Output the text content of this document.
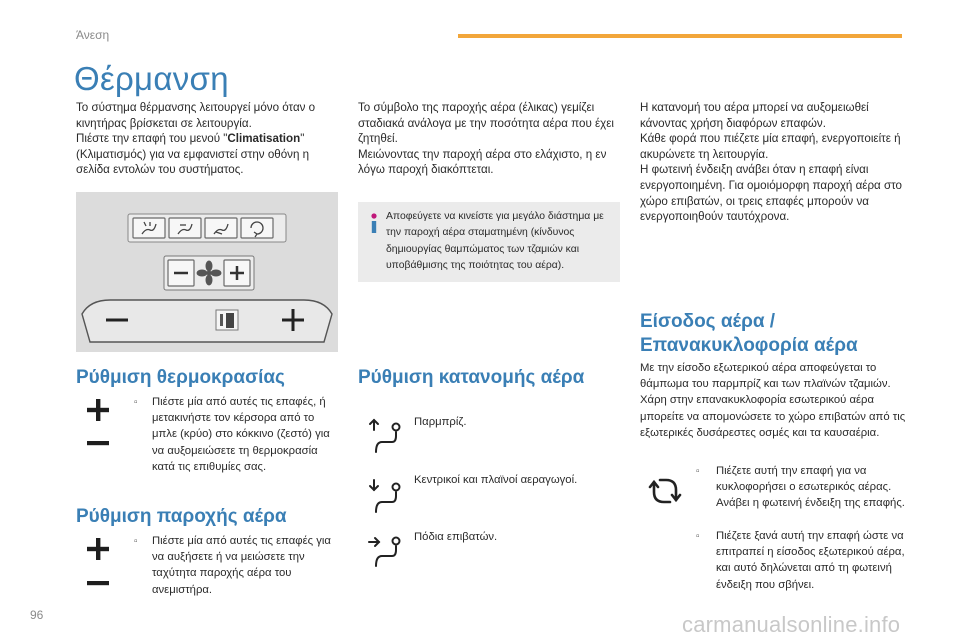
Άνεση
Θέρμανση
Το σύστημα θέρμανσης λειτουργεί μόνο όταν ο κινητήρας βρίσκεται σε λειτουργία.
Πιέστε την επαφή του μενού "Climatisation" (Κλιματισμός) για να εμφανιστεί στην οθόνη η σελίδα εντολών του συστήματος.
Το σύμβολο της παροχής αέρα (έλικας) γεμίζει σταδιακά ανάλογα με την ποσότητα αέρα που έχει ζητηθεί.
Μειώνοντας την παροχή αέρα στο ελάχιστο, η εν λόγω παροχή διακόπτεται.
Αποφεύγετε να κινείστε για μεγάλο διάστημα με την παροχή αέρα σταματημένη (κίνδυνος δημιουργίας θαμπώματος των τζαμιών και υποβάθμισης της ποιότητας του αέρα).
Η κατανομή του αέρα μπορεί να αυξομειωθεί κάνοντας χρήση διαφόρων επαφών.
Κάθε φορά που πιέζετε μία επαφή, ενεργοποιείτε ή ακυρώνετε τη λειτουργία.
Η φωτεινή ένδειξη ανάβει όταν η επαφή είναι ενεργοποιημένη. Για ομοιόμορφη παροχή αέρα στο χώρο επιβατών, οι τρεις επαφές μπορούν να ενεργοποιηθούν ταυτόχρονα.
Ρύθμιση θερμοκρασίας
▫ Πιέστε μία από αυτές τις επαφές, ή μετακινήστε τον κέρσορα από το μπλε (κρύο) στο κόκκινο (ζεστό) για να αυξομειώσετε τη θερμοκρασία κατά τις επιθυμίες σας.
Ρύθμιση παροχής αέρα
▫ Πιέστε μία από αυτές τις επαφές για να αυξήσετε ή να μειώσετε την ταχύτητα παροχής αέρα του ανεμιστήρα.
Ρύθμιση κατανομής αέρα
Παρμπρίζ.
Κεντρικοί και πλαϊνοί αεραγωγοί.
Πόδια επιβατών.
Είσοδος αέρα /
Επανακυκλοφορία αέρα
Με την είσοδο εξωτερικού αέρα αποφεύγεται το θάμπωμα του παρμπρίζ και των πλαϊνών τζαμιών. Χάρη στην επανακυκλοφορία εσωτερικού αέρα μπορείτε να απομονώσετε το χώρο επιβατών από τις εξωτερικές δυσάρεστες οσμές και τα καυσαέρια.
▫ Πιέζετε αυτή την επαφή για να κυκλοφορήσει ο εσωτερικός αέρας. Ανάβει η φωτεινή ένδειξη της επαφής.
▫ Πιέζετε ξανά αυτή την επαφή ώστε να επιτραπεί η είσοδος εξωτερικού αέρα, και αυτό δηλώνεται από τη φωτεινή ένδειξη που σβήνει.
96	carmanualsonline.info
